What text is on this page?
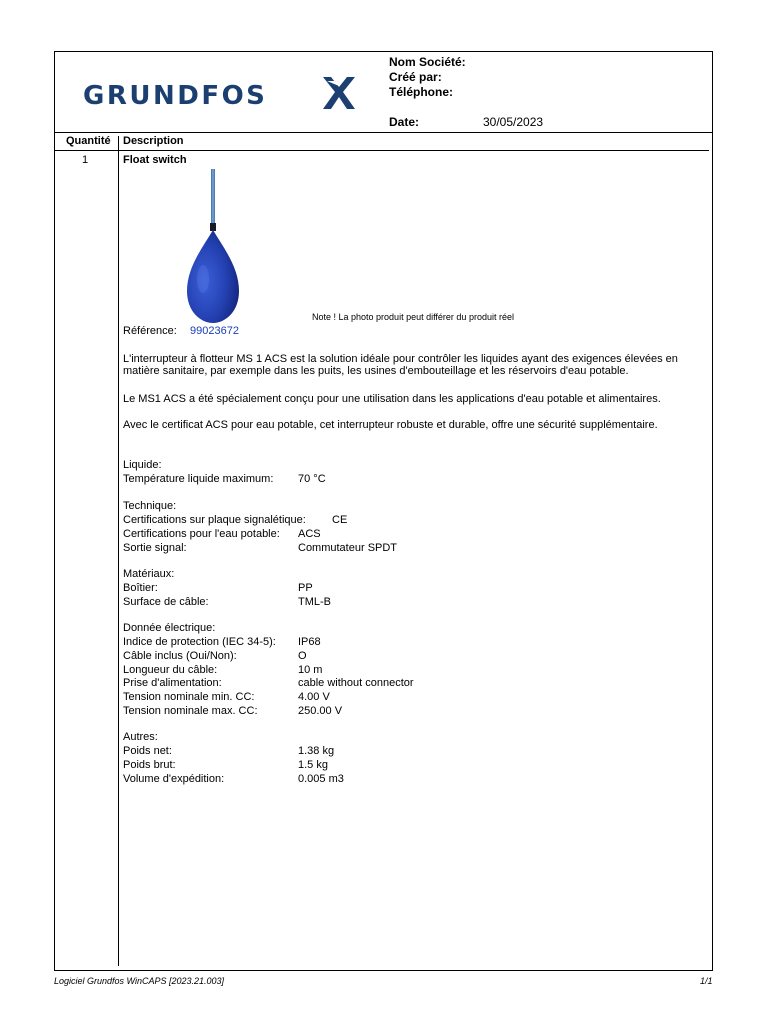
GRUNDFOS
Nom Société:
Créé par:
Téléphone:
Date:	30/05/2023
Quantité Description
1	Float switch
Note ! La photo produit peut différer du produit réel
Référence: 99023672
L'interrupteur à flotteur MS 1 ACS est la solution idéale pour contrôler les liquides ayant des exigences élevées en matière sanitaire, par exemple dans les puits, les usines d'embouteillage et les réservoirs d'eau potable.
Le MS1 ACS a été spécialement conçu pour une utilisation dans les applications d'eau potable et alimentaires.
Avec le certificat ACS pour eau potable, cet interrupteur robuste et durable, offre une sécurité supplémentaire.
Liquide:
Température liquide maximum: 70 °C
Technique:
Certifications sur plaque signalétique: CE
Certifications pour l'eau potable: ACS
Sortie signal:	Commutateur SPDT
Matériaux:
Boîtier:	PP
Surface de câble:	TML-B
Donnée électrique:
Indice de protection (IEC 34-5): IP68
Câble inclus (Oui/Non):	O
Longueur du câble:	10 m
Prise d'alimentation:	cable without connector
Tension nominale min. CC:	4.00 V
Tension nominale max. CC:	250.00 V
Autres:
Poids net:	1.38 kg
Poids brut:	1.5 kg
Volume d'expédition:	0.005 m3
Logiciel Grundfos WinCAPS [2023.21.003]	1/1
